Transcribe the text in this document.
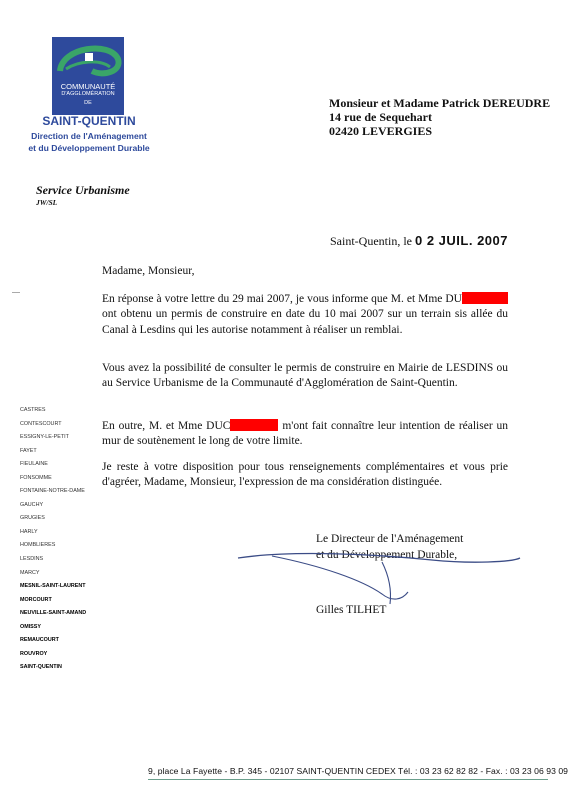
COMMUNAUTÉ
D'AGGLOMÉRATION
DE
SAINT-QUENTIN
Direction de l'Aménagement
et du Développement Durable
Monsieur et Madame Patrick DEREUDRE
14 rue de Sequehart
02420 LEVERGIES
Service Urbanisme
JW/SL
Saint-Quentin, le 0 2 JUIL. 2007
Madame, Monsieur,
En réponse à votre lettre du 29 mai 2007, je vous informe que M. et Mme DUont obtenu un permis de construire en date du 10 mai 2007 sur un terrain sis allée du Canal à Lesdins qui les autorise notamment à réaliser un remblai.
Vous avez la possibilité de consulter le permis de construire en Mairie de LESDINS ou au Service Urbanisme de la Communauté d'Agglomération de Saint-Quentin.
En outre, M. et Mme DUC	m'ont fait connaître leur intention de réaliser un mur de soutènement le long de votre limite.
Je reste à votre disposition pour tous renseignements complémentaires et vous prie d'agréer, Madame, Monsieur, l'expression de ma considération distinguée.
CASTRES
CONTESCOURT
ESSIGNY-LE-PETIT
FAYET
FIEULAINE
FONSOMME
FONTAINE-NOTRE-DAME
GAUCHY
GRUGIES
HARLY
HOMBLIERES
LESDINS
MARCY
MESNIL-SAINT-LAURENT
MORCOURT
NEUVILLE-SAINT-AMAND
OMISSY
REMAUCOURT
ROUVROY
SAINT-QUENTIN
Le Directeur de l'Aménagement
et du Développement Durable,
Gilles TILHET
9, place La Fayette - B.P. 345 - 02107 SAINT-QUENTIN CEDEX Tél. : 03 23 62 82 82 - Fax. : 03 23 06 93 09
